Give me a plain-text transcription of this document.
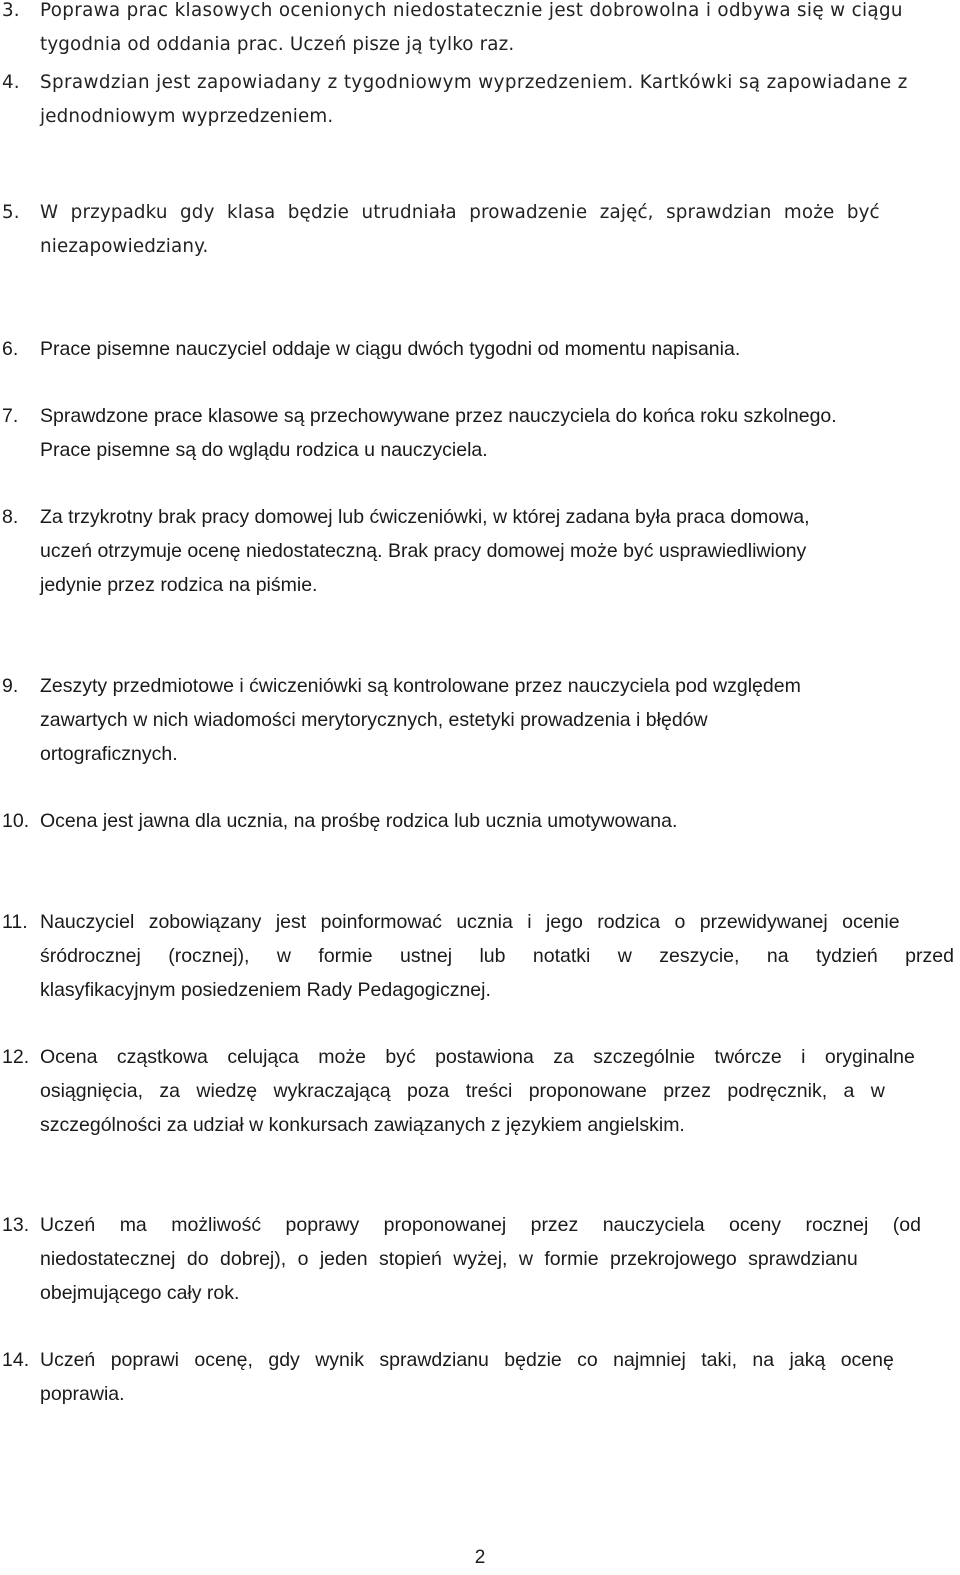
3. Poprawa prac klasowych ocenionych niedostatecznie jest dobrowolna i odbywa się w ciągu
tygodnia od oddania prac. Uczeń pisze ją tylko raz.
4. Sprawdzian jest zapowiadany z tygodniowym wyprzedzeniem. Kartkówki są zapowiadane z
jednodniowym wyprzedzeniem.
5. W przypadku gdy klasa będzie utrudniała prowadzenie zajęć, sprawdzian może być
niezapowiedziany.
6. Prace pisemne nauczyciel oddaje w ciągu dwóch tygodni od momentu napisania.
7. Sprawdzone prace klasowe są przechowywane przez nauczyciela do końca roku szkolnego.
Prace pisemne są do wglądu rodzica u nauczyciela.
8. Za trzykrotny brak pracy domowej lub ćwiczeniówki, w której zadana była praca domowa,
uczeń otrzymuje ocenę niedostateczną. Brak pracy domowej może być usprawiedliwiony
jedynie przez rodzica na piśmie.
9. Zeszyty przedmiotowe i ćwiczeniówki są kontrolowane przez nauczyciela pod względem
zawartych w nich wiadomości merytorycznych, estetyki prowadzenia i błędów
ortograficznych.
10. Ocena jest jawna dla ucznia, na prośbę rodzica lub ucznia umotywowana.
11. Nauczyciel zobowiązany jest poinformować ucznia i jego rodzica o przewidywanej ocenie
śródrocznej (rocznej), w formie ustnej lub notatki w zeszycie, na tydzień przed
klasyfikacyjnym posiedzeniem Rady Pedagogicznej.
12. Ocena cząstkowa celująca może być postawiona za szczególnie twórcze i oryginalne
osiągnięcia, za wiedzę wykraczającą poza treści proponowane przez podręcznik, a w
szczególności za udział w konkursach zawiązanych z językiem angielskim.
13. Uczeń ma możliwość poprawy proponowanej przez nauczyciela oceny rocznej (od
niedostatecznej do dobrej), o jeden stopień wyżej, w formie przekrojowego sprawdzianu
obejmującego cały rok.
14. Uczeń poprawi ocenę, gdy wynik sprawdzianu będzie co najmniej taki, na jaką ocenę
poprawia.
2
